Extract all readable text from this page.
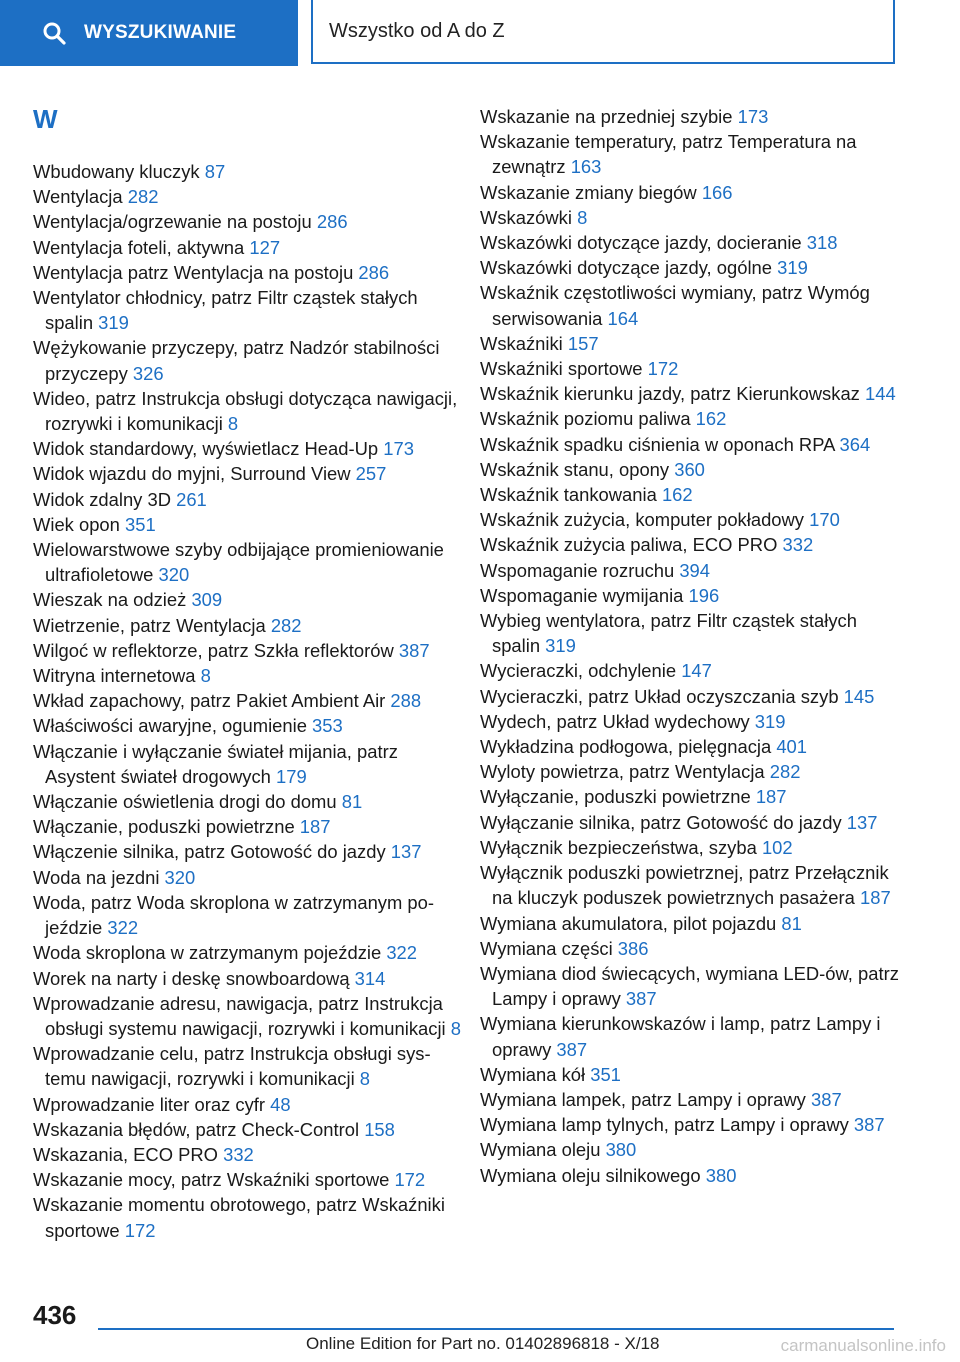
WYSZUKIWANIE	Wszystko od A do Z
W
Wbudowany kluczyk 87
Wentylacja 282
Wentylacja/ogrzewanie na postoju 286
Wentylacja foteli, aktywna 127
Wentylacja patrz Wentylacja na postoju 286
Wentylator chłodnicy, patrz Filtr cząstek stałych spalin 319
Wężykowanie przyczepy, patrz Nadzór stabilności przyczepy 326
Wideo, patrz Instrukcja obsługi dotycząca nawigacji, rozrywki i komunikacji 8
Widok standardowy, wyświetlacz Head-Up 173
Widok wjazdu do myjni, Surround View 257
Widok zdalny 3D 261
Wiek opon 351
Wielowarstwowe szyby odbijające promieniowanie ultrafioletowe 320
Wieszak na odzież 309
Wietrzenie, patrz Wentylacja 282
Wilgoć w reflektorze, patrz Szkła reflektorów 387
Witryna internetowa 8
Wkład zapachowy, patrz Pakiet Ambient Air 288
Właściwości awaryjne, ogumienie 353
Włączanie i wyłączanie świateł mijania, patrz Asystent świateł drogowych 179
Włączanie oświetlenia drogi do domu 81
Włączanie, poduszki powietrzne 187
Włączenie silnika, patrz Gotowość do jazdy 137
Woda na jezdni 320
Woda, patrz Woda skroplona w zatrzymanym pojeździe 322
Woda skroplona w zatrzymanym pojeździe 322
Worek na narty i deskę snowboardową 314
Wprowadzanie adresu, nawigacja, patrz Instrukcja obsługi systemu nawigacji, rozrywki i komunikacji 8
Wprowadzanie celu, patrz Instrukcja obsługi systemu nawigacji, rozrywki i komunikacji 8
Wprowadzanie liter oraz cyfr 48
Wskazania błędów, patrz Check-Control 158
Wskazania, ECO PRO 332
Wskazanie mocy, patrz Wskaźniki sportowe 172
Wskazanie momentu obrotowego, patrz Wskaźniki sportowe 172
Wskazanie na przedniej szybie 173
Wskazanie temperatury, patrz Temperatura na zewnątrz 163
Wskazanie zmiany biegów 166
Wskazówki 8
Wskazówki dotyczące jazdy, docieranie 318
Wskazówki dotyczące jazdy, ogólne 319
Wskaźnik częstotliwości wymiany, patrz Wymóg serwisowania 164
Wskaźniki 157
Wskaźniki sportowe 172
Wskaźnik kierunku jazdy, patrz Kierunkowskaz 144
Wskaźnik poziomu paliwa 162
Wskaźnik spadku ciśnienia w oponach RPA 364
Wskaźnik stanu, opony 360
Wskaźnik tankowania 162
Wskaźnik zużycia, komputer pokładowy 170
Wskaźnik zużycia paliwa, ECO PRO 332
Wspomaganie rozruchu 394
Wspomaganie wymijania 196
Wybieg wentylatora, patrz Filtr cząstek stałych spalin 319
Wycieraczki, odchylenie 147
Wycieraczki, patrz Układ oczyszczania szyb 145
Wydech, patrz Układ wydechowy 319
Wykładzina podłogowa, pielęgnacja 401
Wyloty powietrza, patrz Wentylacja 282
Wyłączanie, poduszki powietrzne 187
Wyłączanie silnika, patrz Gotowość do jazdy 137
Wyłącznik bezpieczeństwa, szyba 102
Wyłącznik poduszki powietrznej, patrz Przełącznik na kluczyk poduszek powietrznych pasażera 187
Wymiana akumulatora, pilot pojazdu 81
Wymiana części 386
Wymiana diod świecących, wymiana LED-ów, patrz Lampy i oprawy 387
Wymiana kierunkowskazów i lamp, patrz Lampy i oprawy 387
Wymiana kół 351
Wymiana lampek, patrz Lampy i oprawy 387
Wymiana lamp tylnych, patrz Lampy i oprawy 387
Wymiana oleju 380
Wymiana oleju silnikowego 380
436
Online Edition for Part no. 01402896818 - X/18	carmanualsonline.info
